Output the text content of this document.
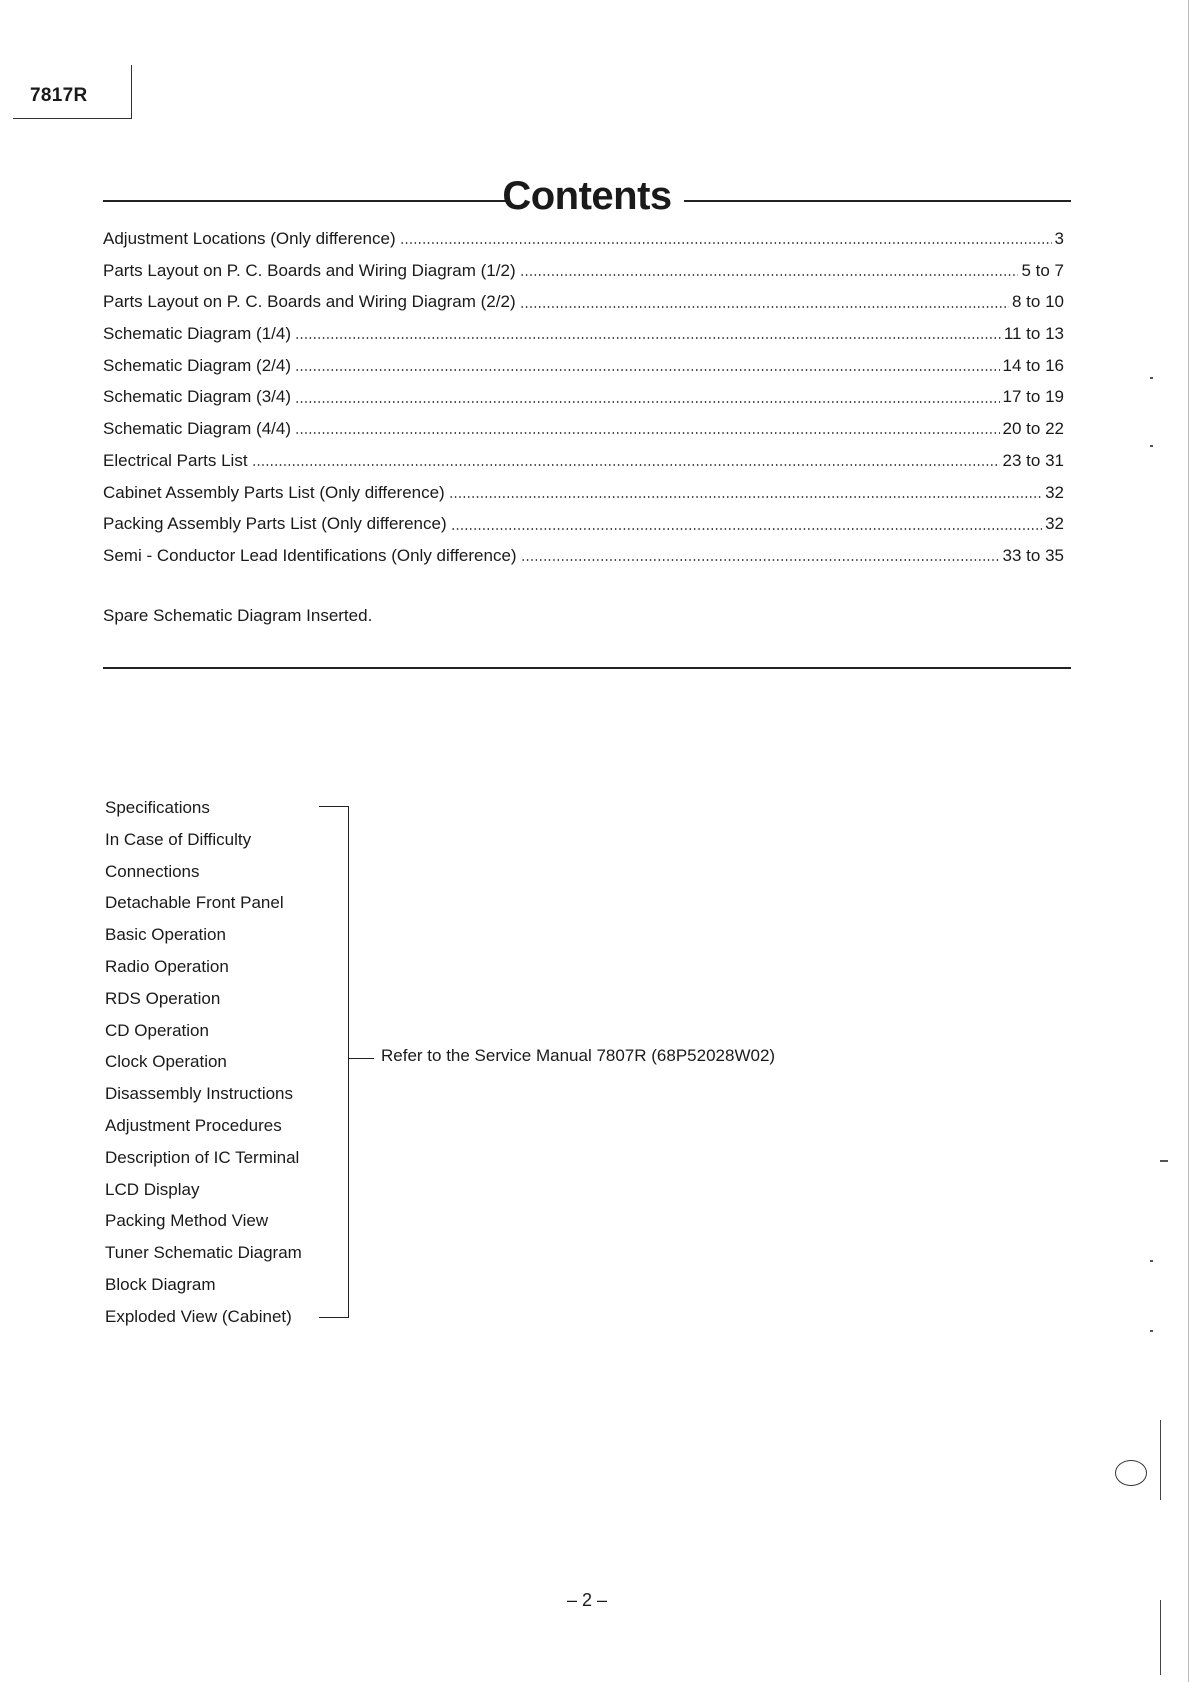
7817R
Contents
Adjustment Locations (Only difference)	3
Parts Layout on P. C. Boards and Wiring Diagram (1/2)	5 to 7
Parts Layout on P. C. Boards and Wiring Diagram (2/2)	8 to 10
Schematic Diagram (1/4)	11 to 13
Schematic Diagram (2/4)	14 to 16
Schematic Diagram (3/4)	17 to 19
Schematic Diagram (4/4)	20 to 22
Electrical Parts List	23 to 31
Cabinet Assembly Parts List (Only difference)	32
Packing Assembly Parts List (Only difference)	32
Semi - Conductor Lead Identifications (Only difference)	33 to 35
Spare Schematic Diagram Inserted.
Specifications
In Case of Difficulty
Connections
Detachable Front Panel
Basic Operation
Radio Operation
RDS Operation
CD Operation
Clock Operation
Disassembly Instructions
Adjustment Procedures
Description of IC Terminal
LCD Display
Packing Method View
Tuner Schematic Diagram
Block Diagram
Exploded View (Cabinet)
Refer to the Service Manual 7807R (68P52028W02)
– 2 –
